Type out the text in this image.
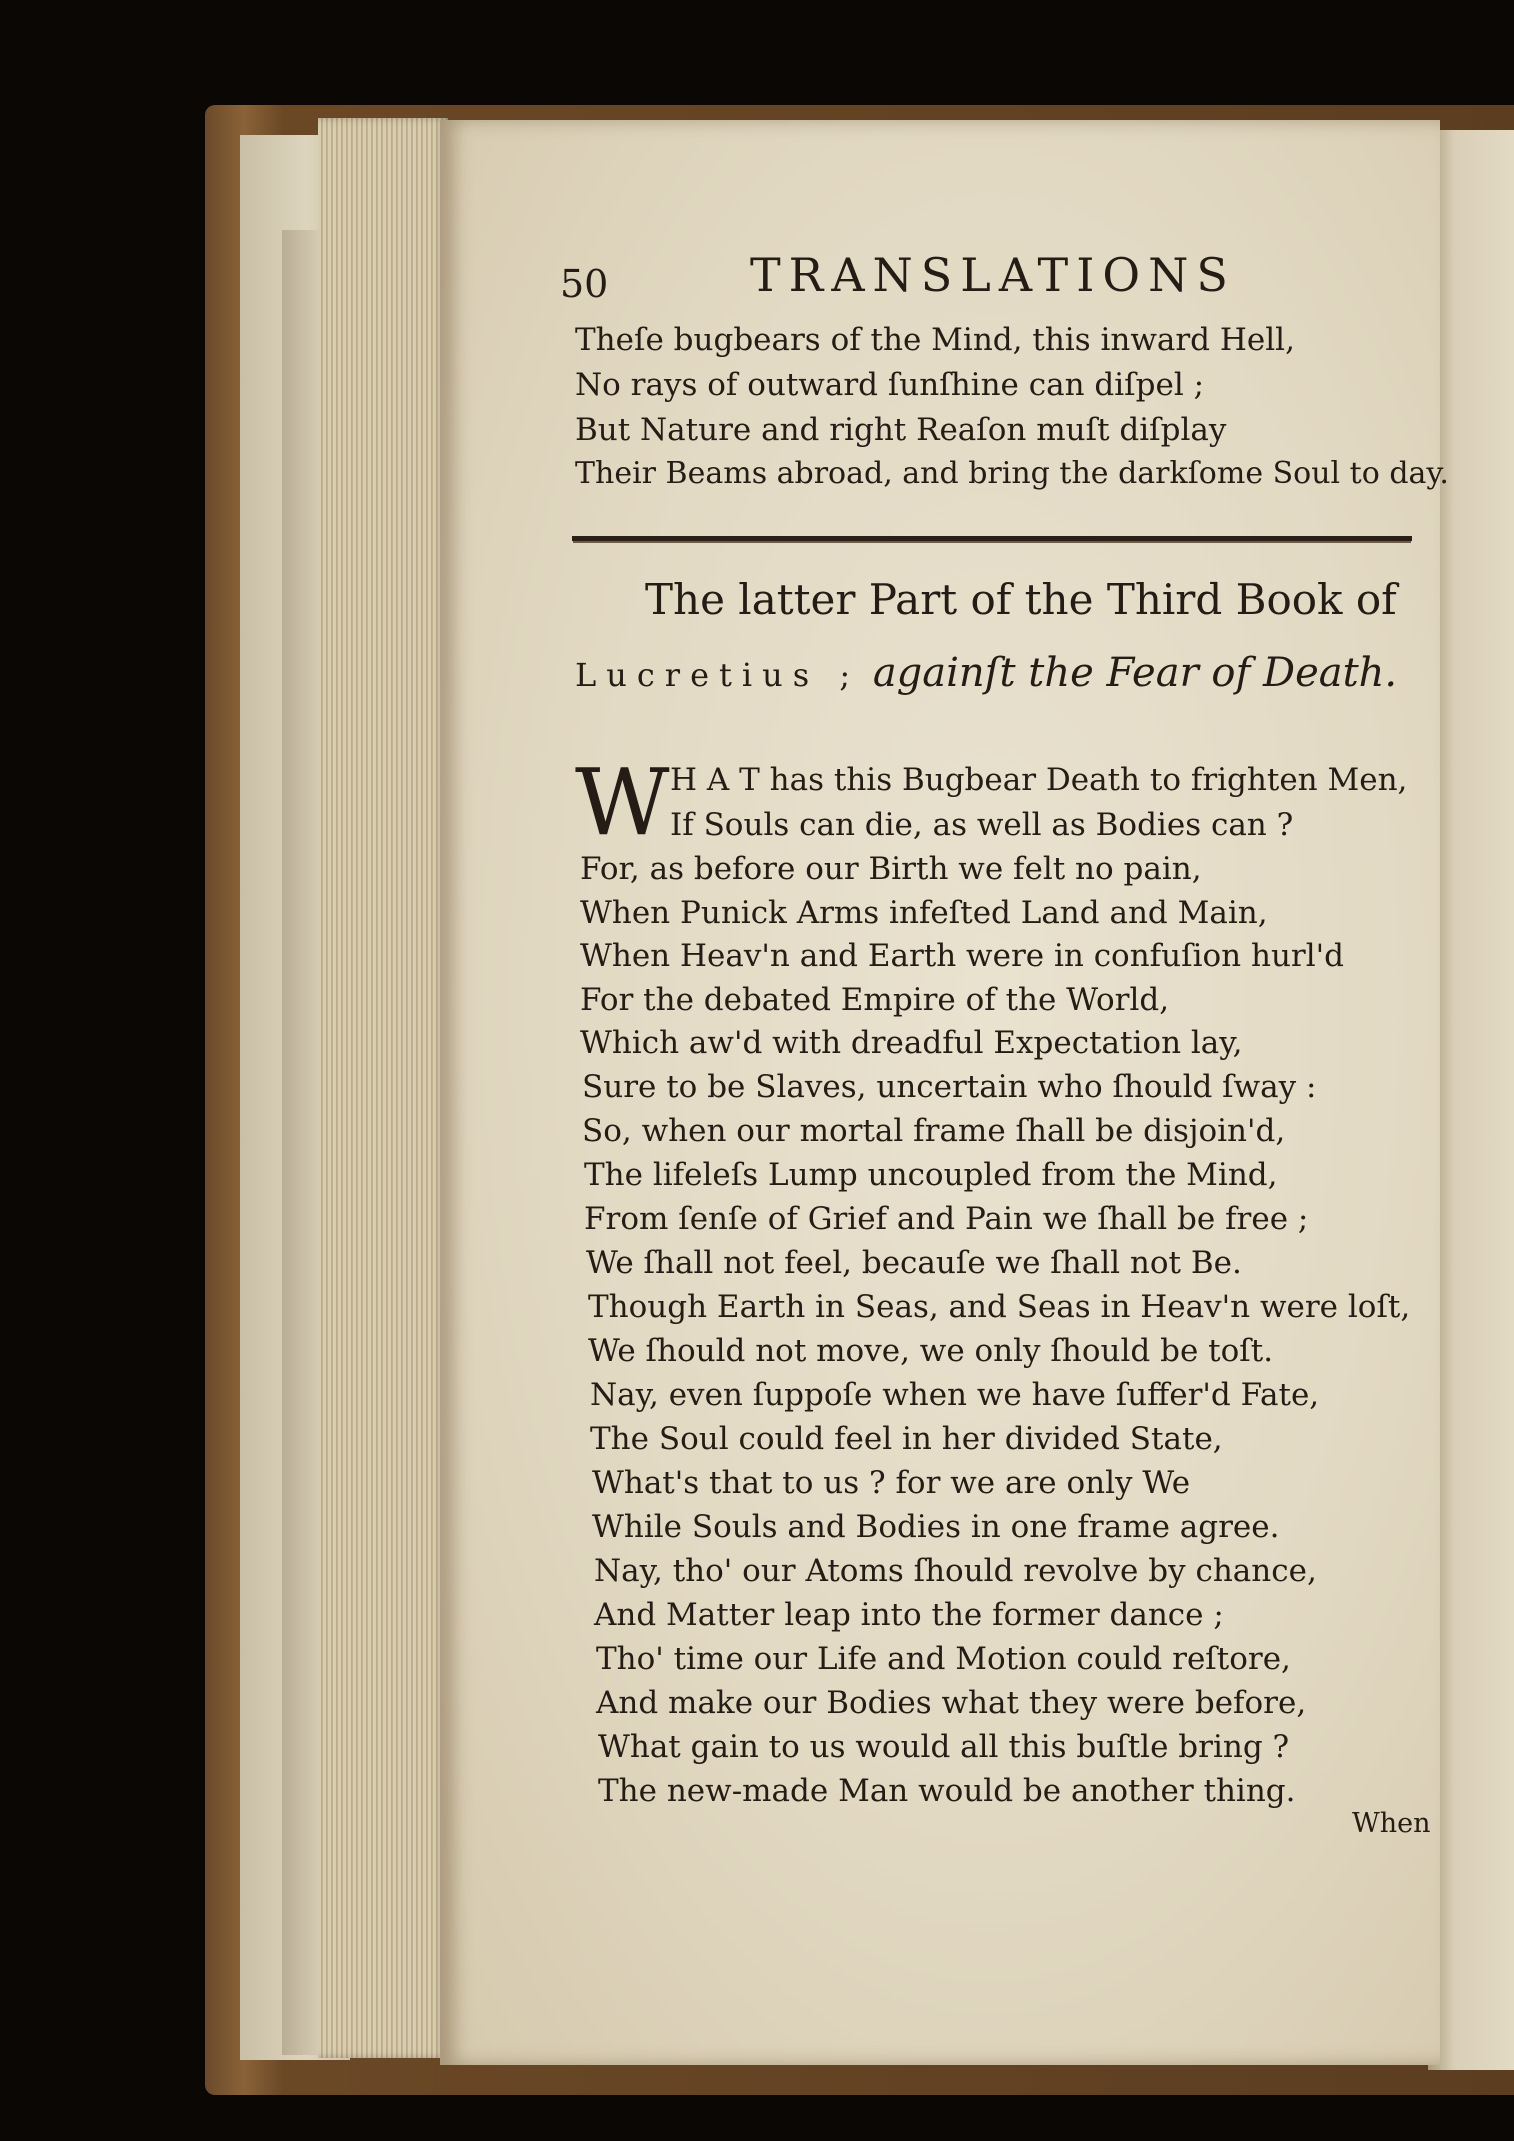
50	TRANSLATIONS
Theſe bugbears of the Mind, this inward Hell,
No rays of outward ſunſhine can diſpel ;
But Nature and right Reaſon muſt diſplay
Their Beams abroad, and bring the darkſome Soul to day.
The latter Part of the Third Book of
Lucretius ; againſt the Fear of Death.
W H A T has this Bugbear Death to frighten Men,
If Souls can die, as well as Bodies can ?
For, as before our Birth we felt no pain,
When Punick Arms infeſted Land and Main,
When Heav'n and Earth were in confuſion hurl'd
For the debated Empire of the World,
Which aw'd with dreadful Expectation lay,
Sure to be Slaves, uncertain who ſhould ſway :
So, when our mortal frame ſhall be disjoin'd,
The lifeleſs Lump uncoupled from the Mind,
From ſenſe of Grief and Pain we ſhall be free ;
We ſhall not feel, becauſe we ſhall not Be.
Though Earth in Seas, and Seas in Heav'n were loſt,
We ſhould not move, we only ſhould be toſt.
Nay, even ſuppoſe when we have ſuffer'd Fate,
The Soul could feel in her divided State,
What's that to us ? for we are only We
While Souls and Bodies in one frame agree.
Nay, tho' our Atoms ſhould revolve by chance,
And Matter leap into the former dance ;
Tho' time our Life and Motion could reſtore,
And make our Bodies what they were before,
What gain to us would all this buſtle bring ?
The new-made Man would be another thing.
When
